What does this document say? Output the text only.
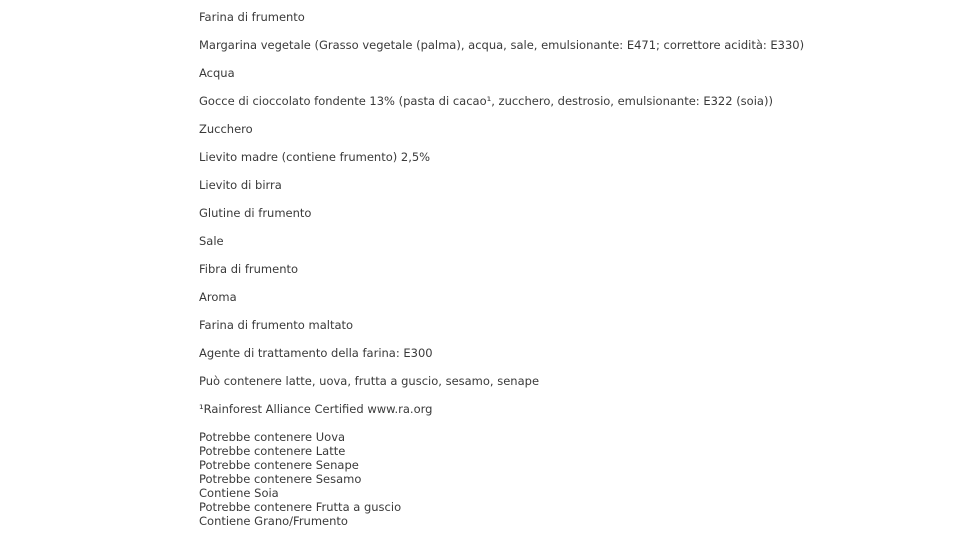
Farina di frumento

Margarina vegetale (Grasso vegetale (palma), acqua, sale, emulsionante: E471; correttore acidità: E330)

Acqua

Gocce di cioccolato fondente 13% (pasta di cacao¹, zucchero, destrosio, emulsionante: E322 (soia))

Zucchero

Lievito madre (contiene frumento) 2,5%

Lievito di birra

Glutine di frumento

Sale

Fibra di frumento

Aroma

Farina di frumento maltato

Agente di trattamento della farina: E300

Può contenere latte, uova, frutta a guscio, sesamo, senape

¹Rainforest Alliance Certified www.ra.org

Potrebbe contenere Uova
Potrebbe contenere Latte
Potrebbe contenere Senape
Potrebbe contenere Sesamo
Contiene Soia
Potrebbe contenere Frutta a guscio
Contiene Grano/Frumento
